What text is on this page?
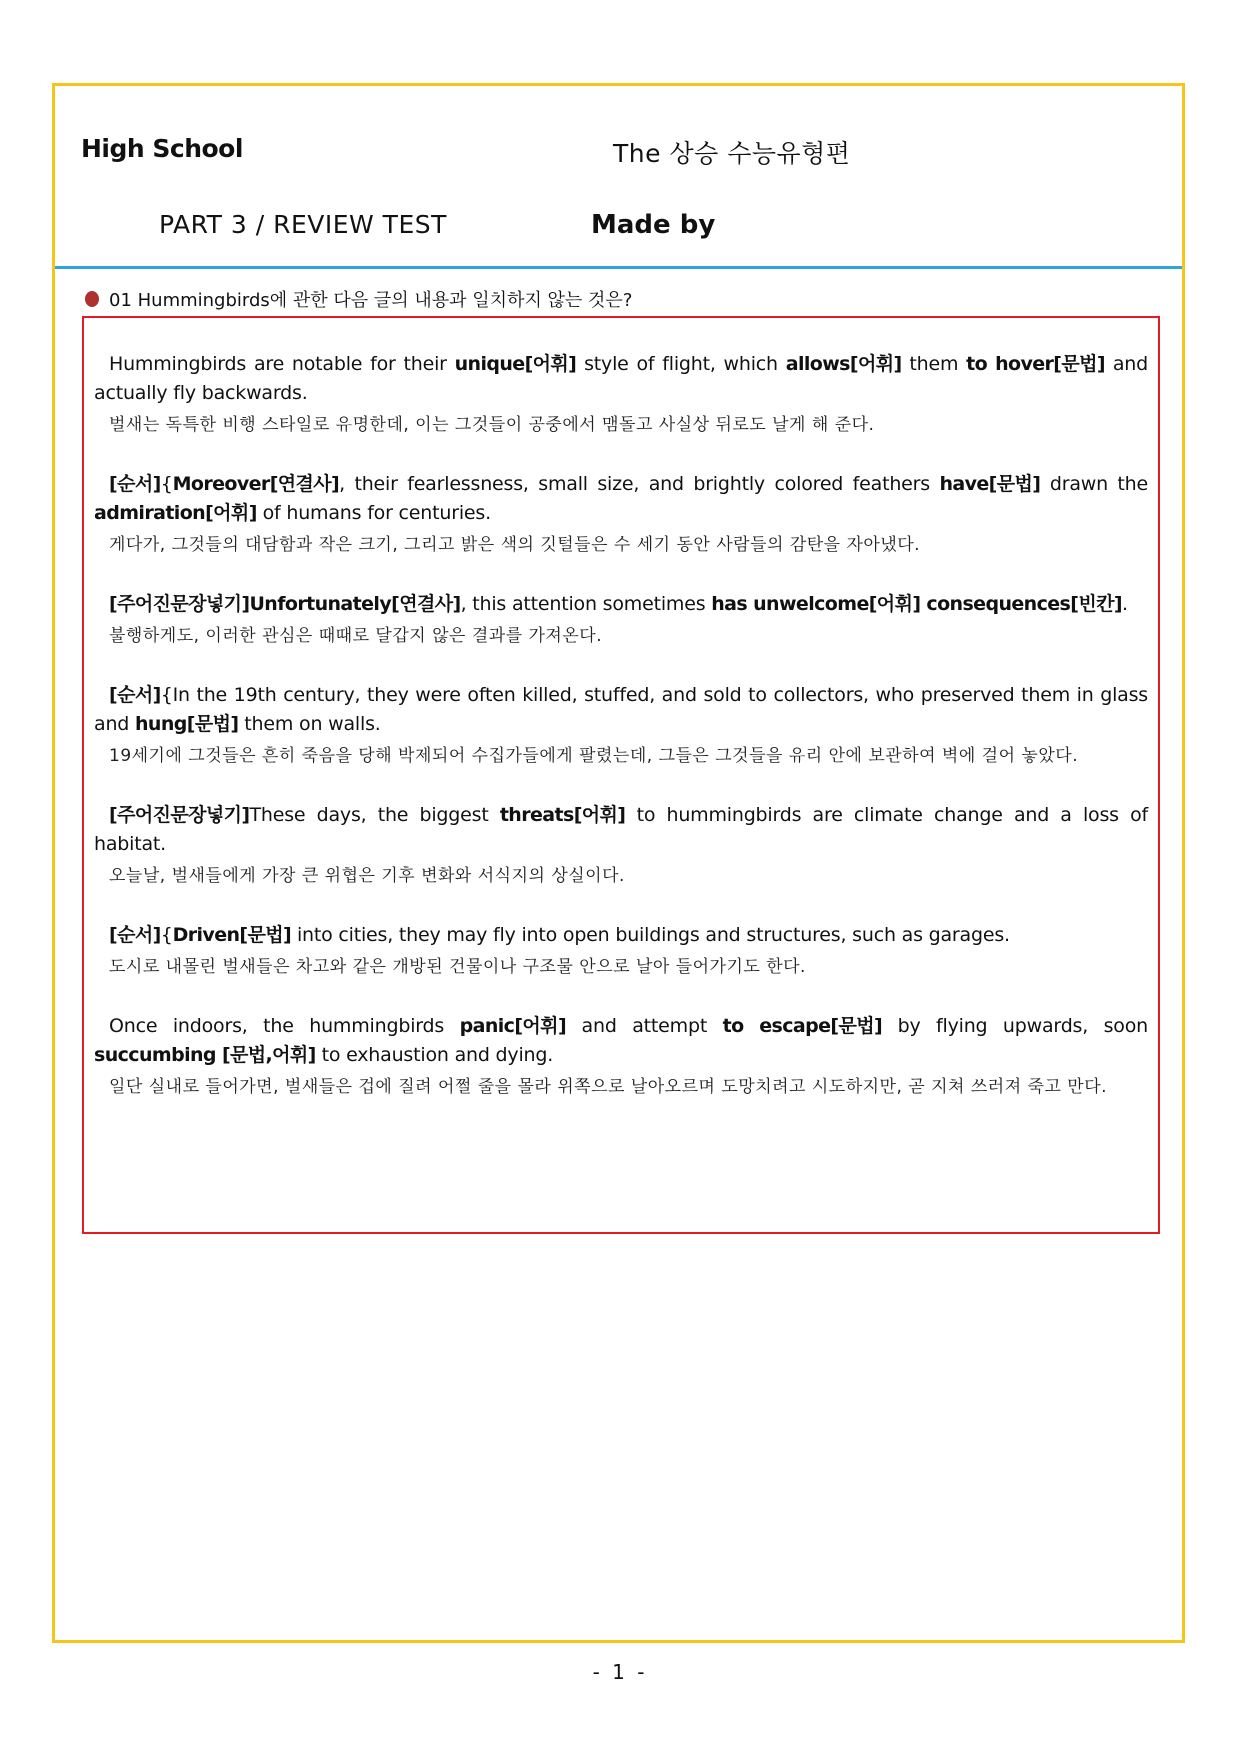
High School	The 상승 수능유형편
PART 3 / REVIEW TEST	Made by
01 Hummingbirds에 관한 다음 글의 내용과 일치하지 않는 것은?
Hummingbirds are notable for their unique[어휘] style of flight, which allows[어휘] them to hover[문법] and actually fly backwards.
벌새는 독특한 비행 스타일로 유명한데, 이는 그것들이 공중에서 맴돌고 사실상 뒤로도 날게 해 준다.
[순서]{Moreover[연결사], their fearlessness, small size, and brightly colored feathers have[문법] drawn the admiration[어휘] of humans for centuries.
게다가, 그것들의 대담함과 작은 크기, 그리고 밝은 색의 깃털들은 수 세기 동안 사람들의 감탄을 자아냈다.
[주어진문장넣기]Unfortunately[연결사], this attention sometimes has unwelcome[어휘] consequences[빈칸].
불행하게도, 이러한 관심은 때때로 달갑지 않은 결과를 가져온다.
[순서]{In the 19th century, they were often killed, stuffed, and sold to collectors, who preserved them in glass and hung[문법] them on walls.
19세기에 그것들은 흔히 죽음을 당해 박제되어 수집가들에게 팔렸는데, 그들은 그것들을 유리 안에 보관하여 벽에 걸어 놓았다.
[주어진문장넣기]These days, the biggest threats[어휘] to hummingbirds are climate change and a loss of habitat.
오늘날, 벌새들에게 가장 큰 위협은 기후 변화와 서식지의 상실이다.
[순서]{Driven[문법] into cities, they may fly into open buildings and structures, such as garages.
도시로 내몰린 벌새들은 차고와 같은 개방된 건물이나 구조물 안으로 날아 들어가기도 한다.
Once indoors, the hummingbirds panic[어휘] and attempt to escape[문법] by flying upwards, soon succumbing [문법,어휘] to exhaustion and dying.
일단 실내로 들어가면, 벌새들은 겁에 질려 어쩔 줄을 몰라 위쪽으로 날아오르며 도망치려고 시도하지만, 곧 지쳐 쓰러져 죽고 만다.
- 1 -
